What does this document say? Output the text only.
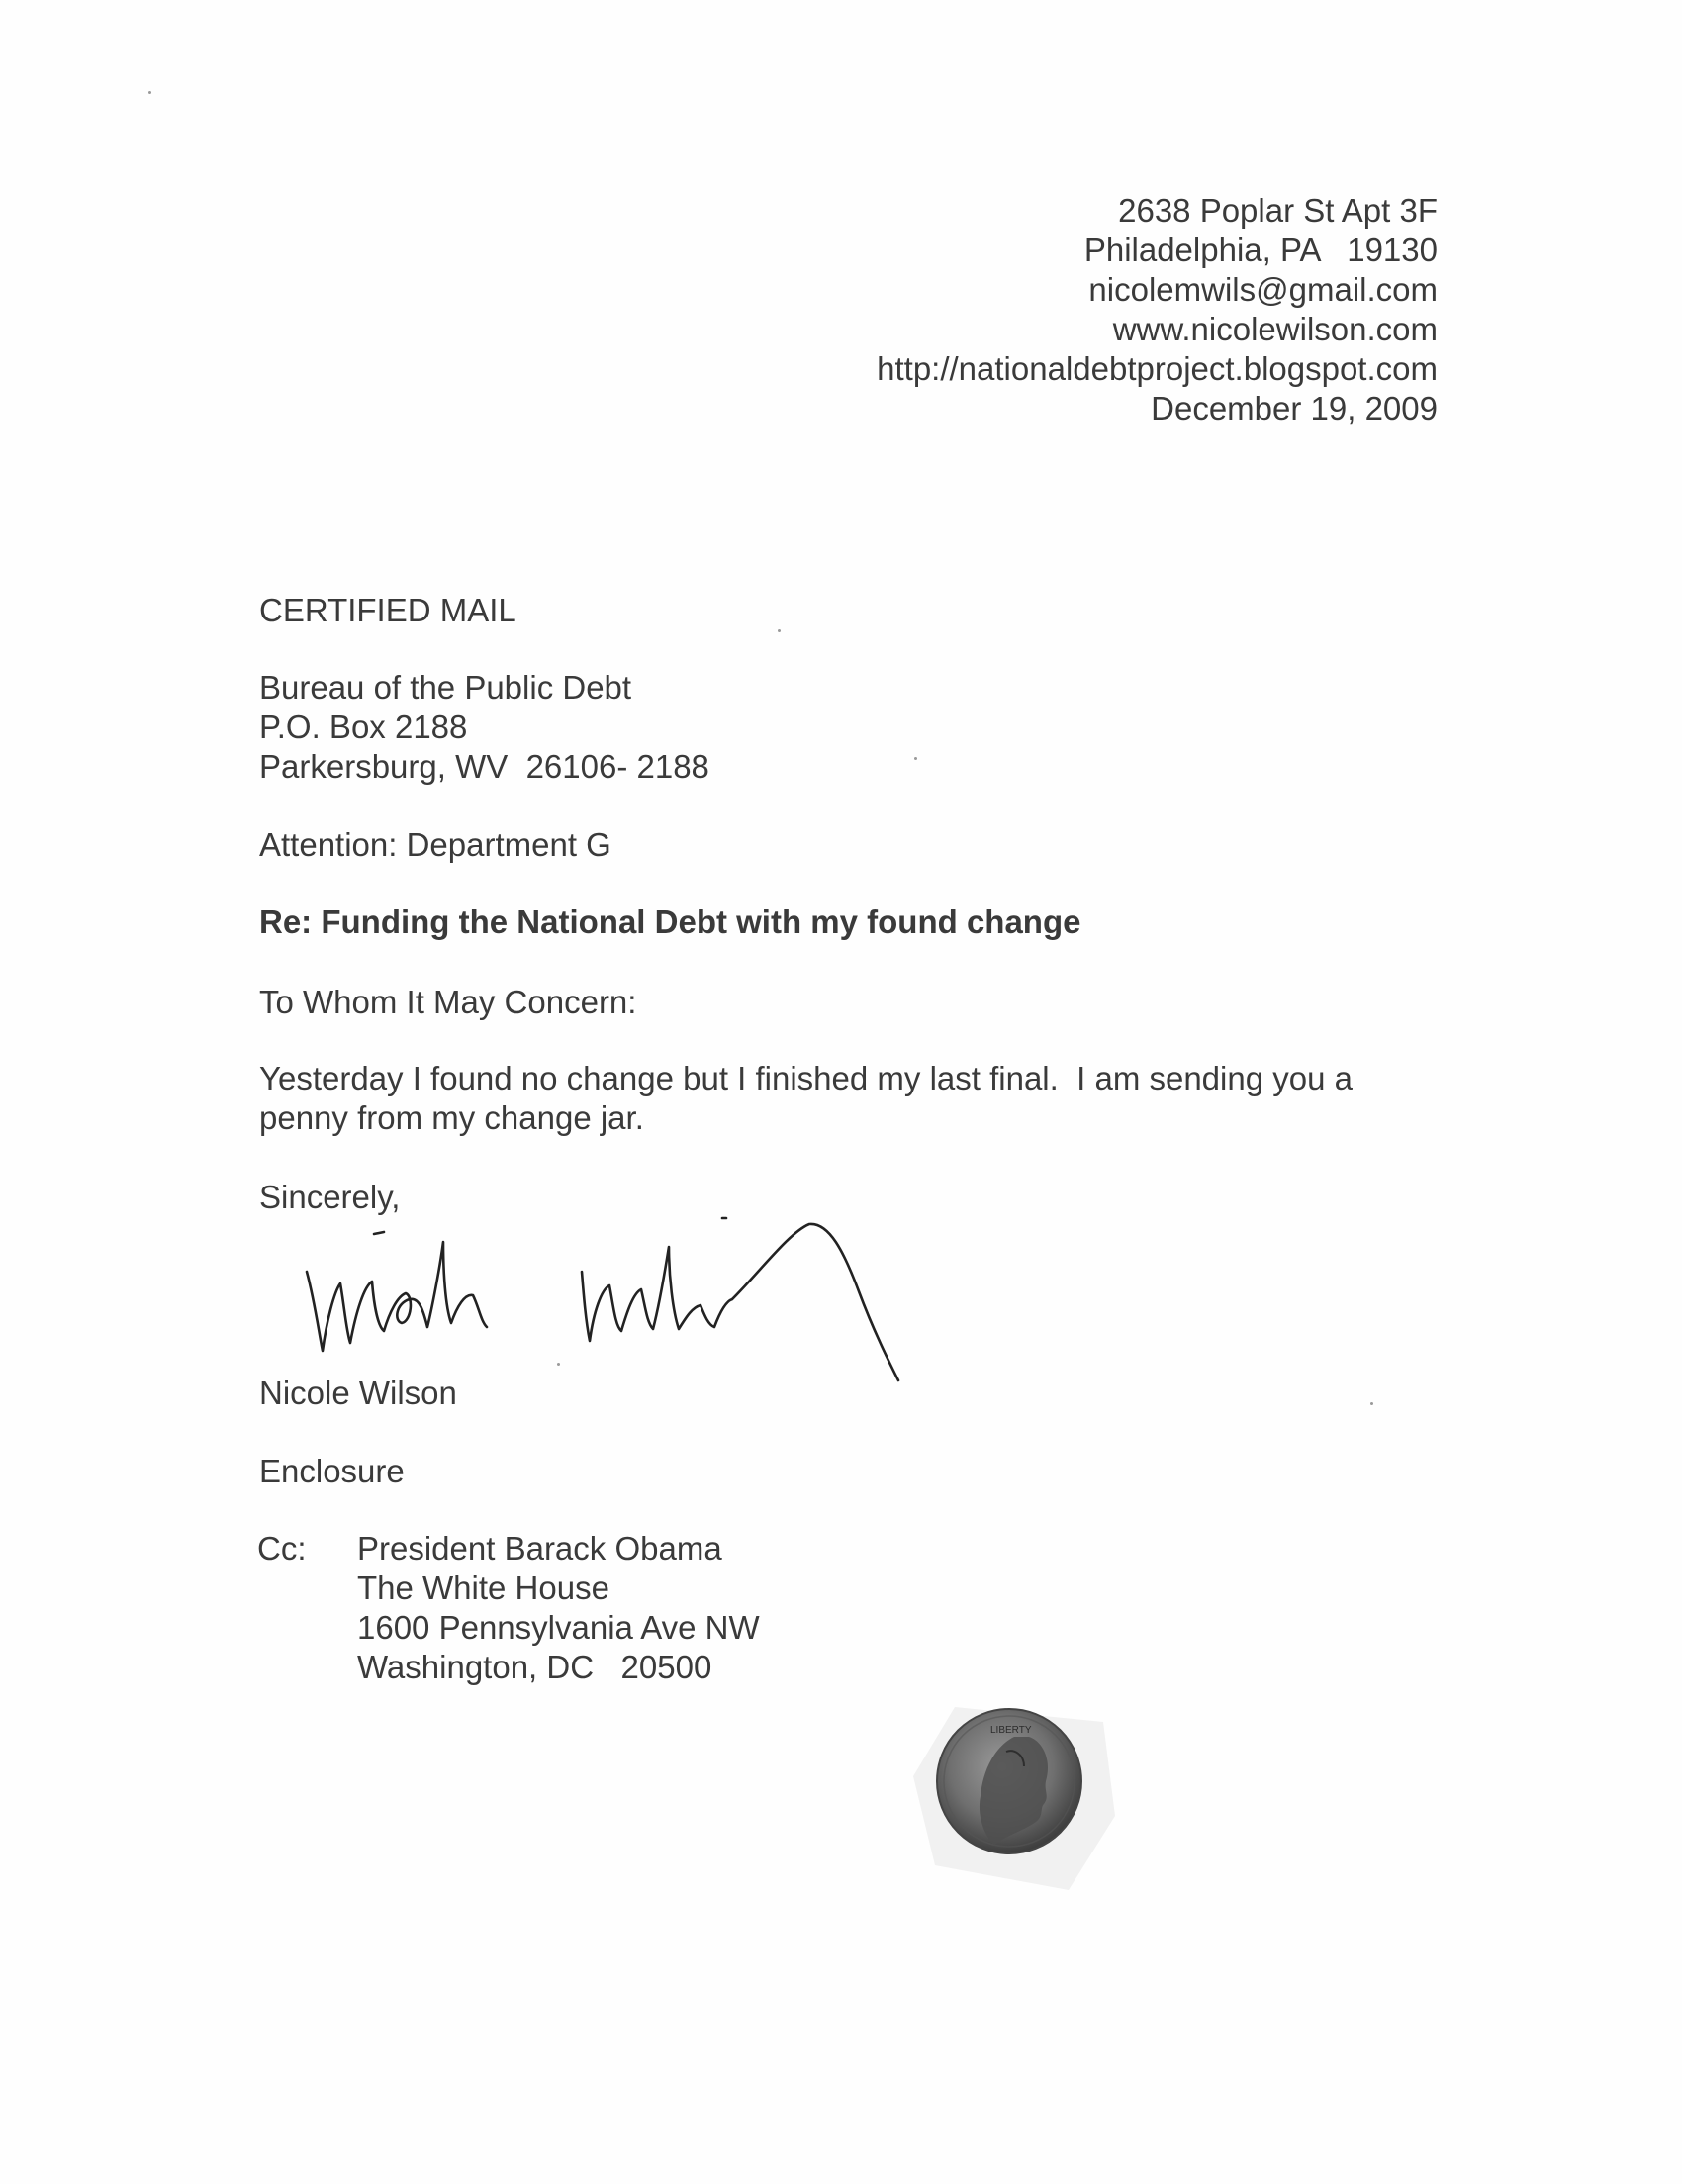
2638 Poplar St Apt 3F
Philadelphia, PA   19130
nicolemwils@gmail.com
www.nicolewilson.com
http://nationaldebtproject.blogspot.com
December 19, 2009
CERTIFIED MAIL
Bureau of the Public Debt
P.O. Box 2188
Parkersburg, WV  26106- 2188
Attention: Department G
Re: Funding the National Debt with my found change
To Whom It May Concern:
Yesterday I found no change but I finished my last final.  I am sending you a
penny from my change jar.
Sincerely,
Nicole Wilson
Enclosure
Cc: President Barack Obama
The White House
1600 Pennsylvania Ave NW
Washington, DC   20500
LIBERTY
